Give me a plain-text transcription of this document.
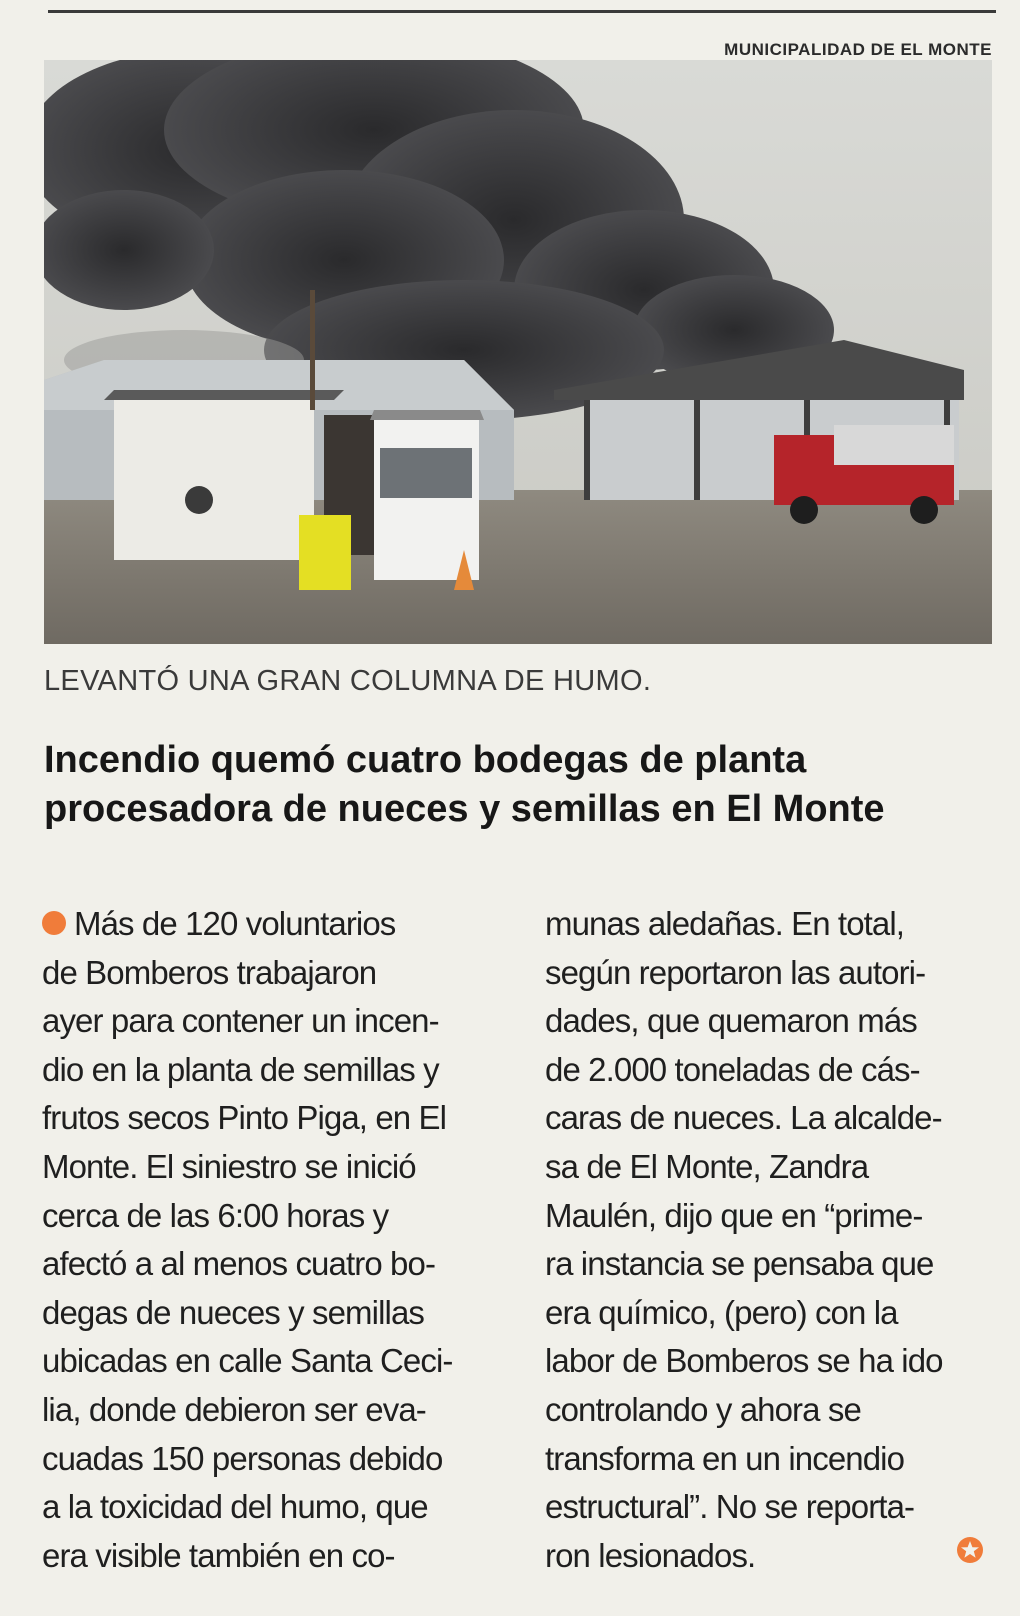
MUNICIPALIDAD DE EL MONTE
LEVANTÓ UNA GRAN COLUMNA DE HUMO.
Incendio quemó cuatro bodegas de planta
procesadora de nueces y semillas en El Monte
Más de 120 voluntarios
de Bomberos trabajaron
ayer para contener un incen-
dio en la planta de semillas y
frutos secos Pinto Piga, en El
Monte. El siniestro se inició
cerca de las 6:00 horas y
afectó a al menos cuatro bo-
degas de nueces y semillas
ubicadas en calle Santa Ceci-
lia, donde debieron ser eva-
cuadas 150 personas debido
a la toxicidad del humo, que
era visible también en co-
munas aledañas. En total,
según reportaron las autori-
dades, que quemaron más
de 2.000 toneladas de cás-
caras de nueces. La alcalde-
sa de El Monte, Zandra
Maulén, dijo que en “prime-
ra instancia se pensaba que
era químico, (pero) con la
labor de Bomberos se ha ido
controlando y ahora se
transforma en un incendio
estructural”. No se reporta-
ron lesionados.
